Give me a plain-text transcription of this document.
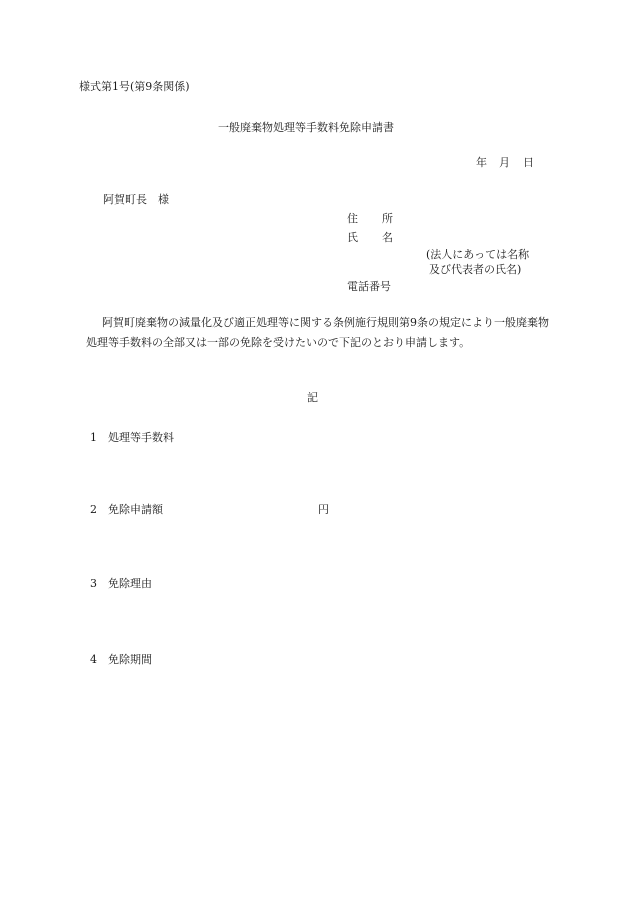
様式第1号(第9条関係)
一般廃棄物処理等手数料免除申請書
年 月 日
阿賀町長　様
住 所
氏 名
(法人にあっては名称
及び代表者の氏名)
電話番号
阿賀町廃棄物の減量化及び適正処理等に関する条例施行規則第9条の規定により一般廃棄物処理等手数料の全部又は一部の免除を受けたいので下記のとおり申請します。
記
1 処理等手数料
2 免除申請額	円
3 免除理由
4 免除期間
